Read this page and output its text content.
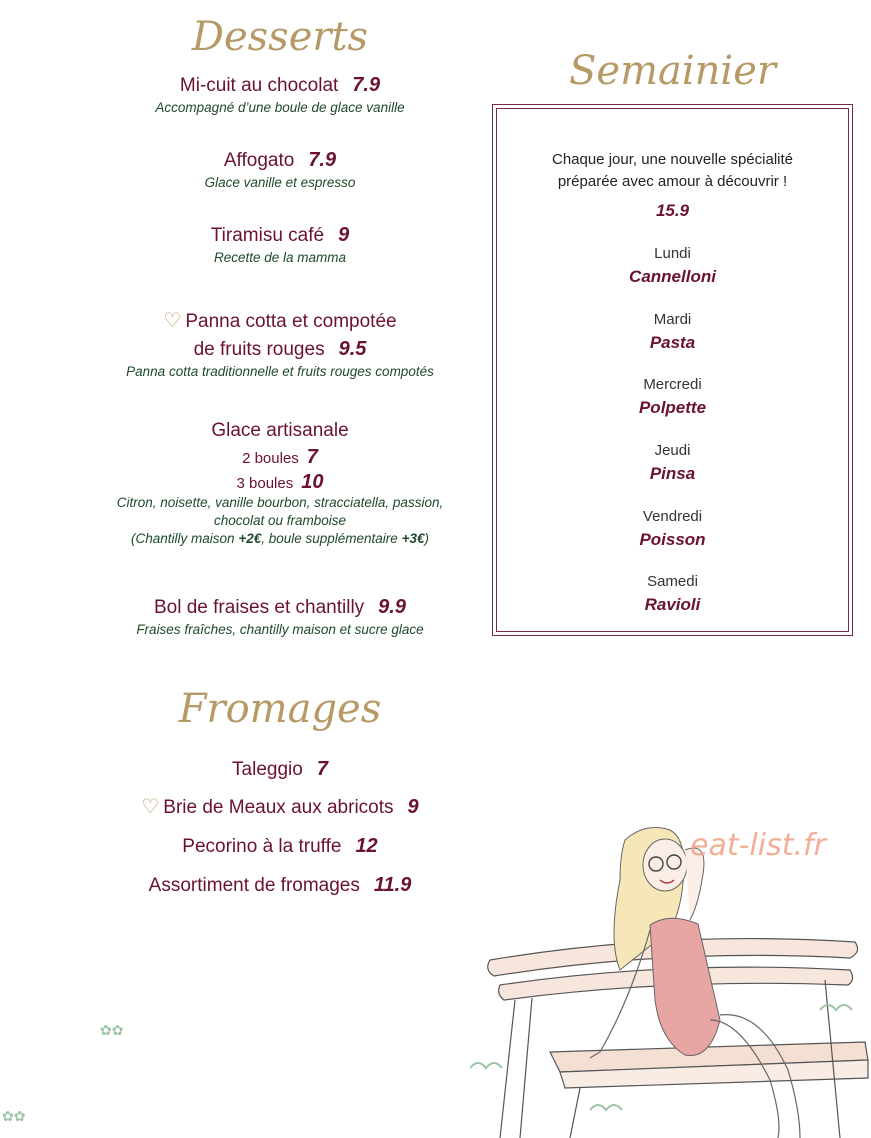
Desserts
Mi-cuit au chocolat 7.9
Accompagné d’une boule de glace vanille
Affogato 7.9
Glace vanille et espresso
Tiramisu café 9
Recette de la mamma
♡ Panna cotta et compotée
de fruits rouges 9.5
Panna cotta traditionnelle et fruits rouges compotés
Glace artisanale
2 boules 7
3 boules 10
Citron, noisette, vanille bourbon, stracciatella, passion,
chocolat ou framboise
(Chantilly maison +2€, boule supplémentaire +3€)
Bol de fraises et chantilly 9.9
Fraises fraîches, chantilly maison et sucre glace
Fromages
Taleggio 7
♡ Brie de Meaux aux abricots 9
Pecorino à la truffe 12
Assortiment de fromages 11.9
Semainier
Chaque jour, une nouvelle spécialité
préparée avec amour à découvrir !
15.9
Lundi
Cannelloni
Mardi
Pasta
Mercredi
Polpette
Jeudi
Pinsa
Vendredi
Poisson
Samedi
Ravioli
eat-list.fr
✿✿
✿✿
